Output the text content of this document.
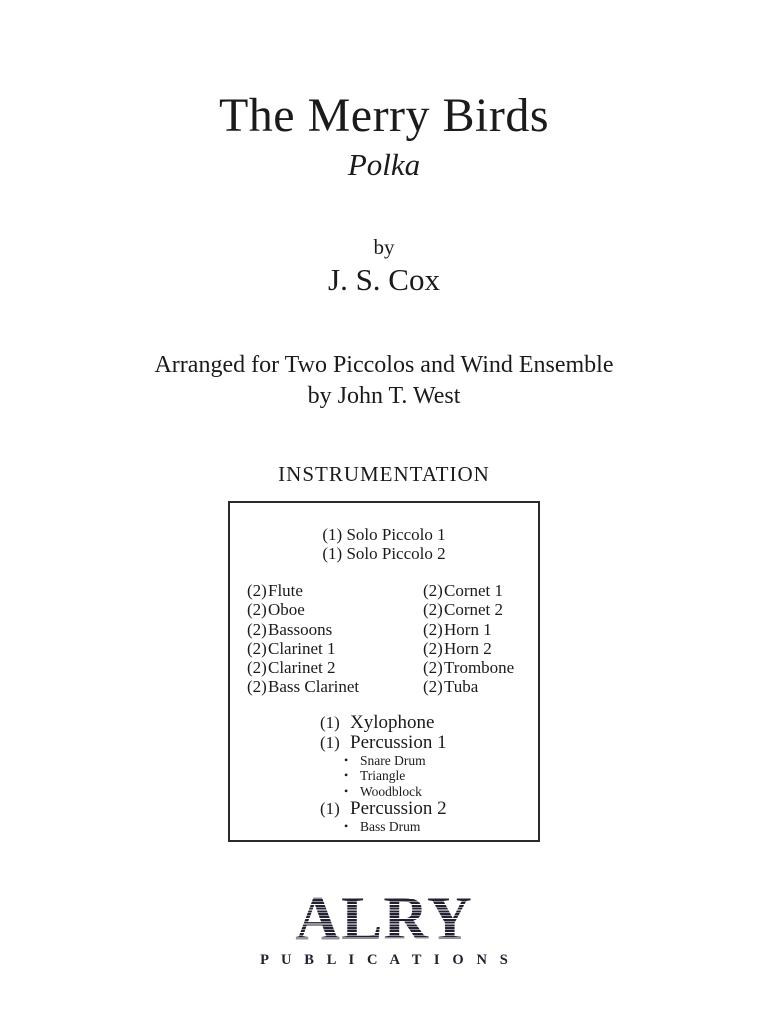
The Merry Birds
Polka
by
J. S. Cox
Arranged for Two Piccolos and Wind Ensemble
by John T. West
INSTRUMENTATION
(1) Solo Piccolo 1
(1) Solo Piccolo 2
(2)Flute
(2)Oboe
(2)Bassoons
(2)Clarinet 1
(2)Clarinet 2
(2)Bass Clarinet
(2)Cornet 1
(2)Cornet 2
(2)Horn 1
(2)Horn 2
(2)Trombone
(2)Tuba
(1) Xylophone
(1) Percussion 1
• Snare Drum
• Triangle
• Woodblock
(1) Percussion 2
• Bass Drum
ALRY
P U B L I C A T I O N S
